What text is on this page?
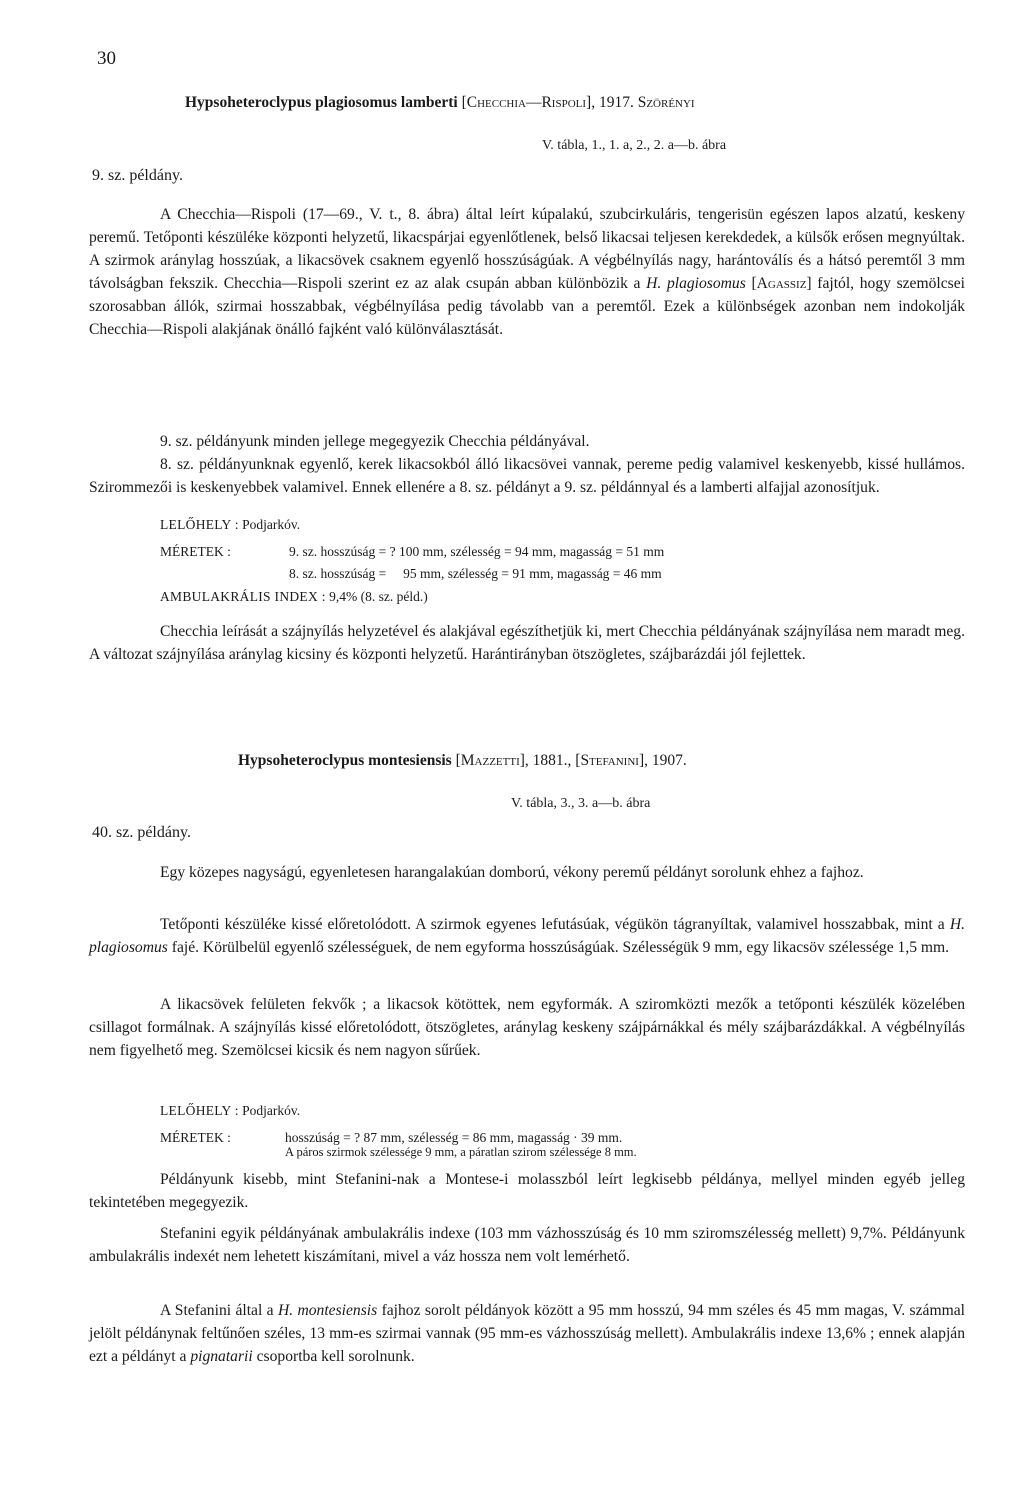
30
Hypsoheteroclypus plagiosomus lamberti [Checchia—Rispoli], 1917. Szörényi
V. tábla, 1., 1. a, 2., 2. a—b. ábra
9. sz. példány.

A Checchia—Rispoli (17—69., V. t., 8. ábra) által leírt kúpalakú, szubcirkuláris, tengerisün egészen lapos alzatú, keskeny peremű. Tetőponti készüléke központi helyzetű, likacspárjai egyenlőtlenek, belső likacsai teljesen kerekdedek, a külsők erősen megnyúltak. A szirmok aránylag hosszúak, a likacsövek csaknem egyenlő hosszúságúak. A végbélnyílás nagy, harántoválís és a hátsó peremtől 3 mm távolságban fekszik. Checchia—Rispoli szerint ez az alak csupán abban különbözik a H. plagiosomus [Agassiz] fajtól, hogy szemölcsei szorosabban állók, szirmai hosszabbak, végbélnyílása pedig távolabb van a peremtől. Ezek a különbségek azonban nem indokolják Checchia—Rispoli alakjának önálló fajként való különválasztását.

9. sz. példányunk minden jellege megegyezik Checchia példányával.

8. sz. példányunknak egyenlő, kerek likacsokból álló likacsövei vannak, pereme pedig valamivel keskenyebb, kissé hullámos. Szirommezői is keskenyebbek valamivel. Ennek ellenére a 8. sz. példányt a 9. sz. példánnyal és a lamberti alfajjal azonosítjuk.

LELŐHELY : Podjarkóv.
MÉRETEK :	9. sz. hosszúság = ? 100 mm, szélesség = 94 mm, magasság = 51 mm
8. sz. hosszúság =     95 mm, szélesség = 91 mm, magasság = 46 mm
AMBULAKRÁLIS INDEX : 9,4% (8. sz. péld.)

Checchia leírását a szájnyílás helyzetével és alakjával egészíthetjük ki, mert Checchia példányának szájnyílása nem maradt meg. A változat szájnyílása aránylag kicsiny és központi helyzetű. Harántirányban ötszögletes, szájbarázdái jól fejlettek.

Hypsoheteroclypus montesiensis [Mazzetti], 1881., [Stefanini], 1907.
V. tábla, 3., 3. a—b. ábra
40. sz. példány.

Egy közepes nagyságú, egyenletesen harangalakúan domború, vékony peremű példányt sorolunk ehhez a fajhoz.

Tetőponti készüléke kissé előretolódott. A szirmok egyenes lefutásúak, végükön tágranyíltak, valamivel hosszabbak, mint a H. plagiosomus fajé. Körülbelül egyenlő szélességuek, de nem egyforma hosszúságúak. Szélességük 9 mm, egy likacsöv szélessége 1,5 mm.

A likacsövek felületen fekvők ; a likacsok kötöttek, nem egyformák. A sziromközti mezők a tetőponti készülék közelében csillagot formálnak. A szájnyílás kissé előretolódott, ötszögletes, aránylag keskeny szájpárnákkal és mély szájbarázdákkal. A végbélnyílás nem figyelhető meg. Szemölcsei kicsik és nem nagyon sűrűek.

LELŐHELY : Podjarkóv.
MÉRETEK :	hosszúság = ? 87 mm, szélesség = 86 mm, magasság · 39 mm.
A páros szirmok szélessége 9 mm, a páratlan szirom szélessége 8 mm.

Példányunk kisebb, mint Stefanini-nak a Montese-i molasszból leírt legkisebb példánya, mellyel minden egyéb jelleg tekintetében megegyezik.

Stefanini egyik példányának ambulakrális indexe (103 mm vázhosszúság és 10 mm sziromszélesség mellett) 9,7%. Példányunk ambulakrális indexét nem lehetett kiszámítani, mivel a váz hossza nem volt lemérhető.

A Stefanini által a H. montesiensis fajhoz sorolt példányok között a 95 mm hosszú, 94 mm széles és 45 mm magas, V. számmal jelölt példánynak feltűnően széles, 13 mm-es szirmai vannak (95 mm-es vázhosszúság mellett). Ambulakrális indexe 13,6% ; ennek alapján ezt a példányt a pignatarii csoportba kell sorolnunk.
